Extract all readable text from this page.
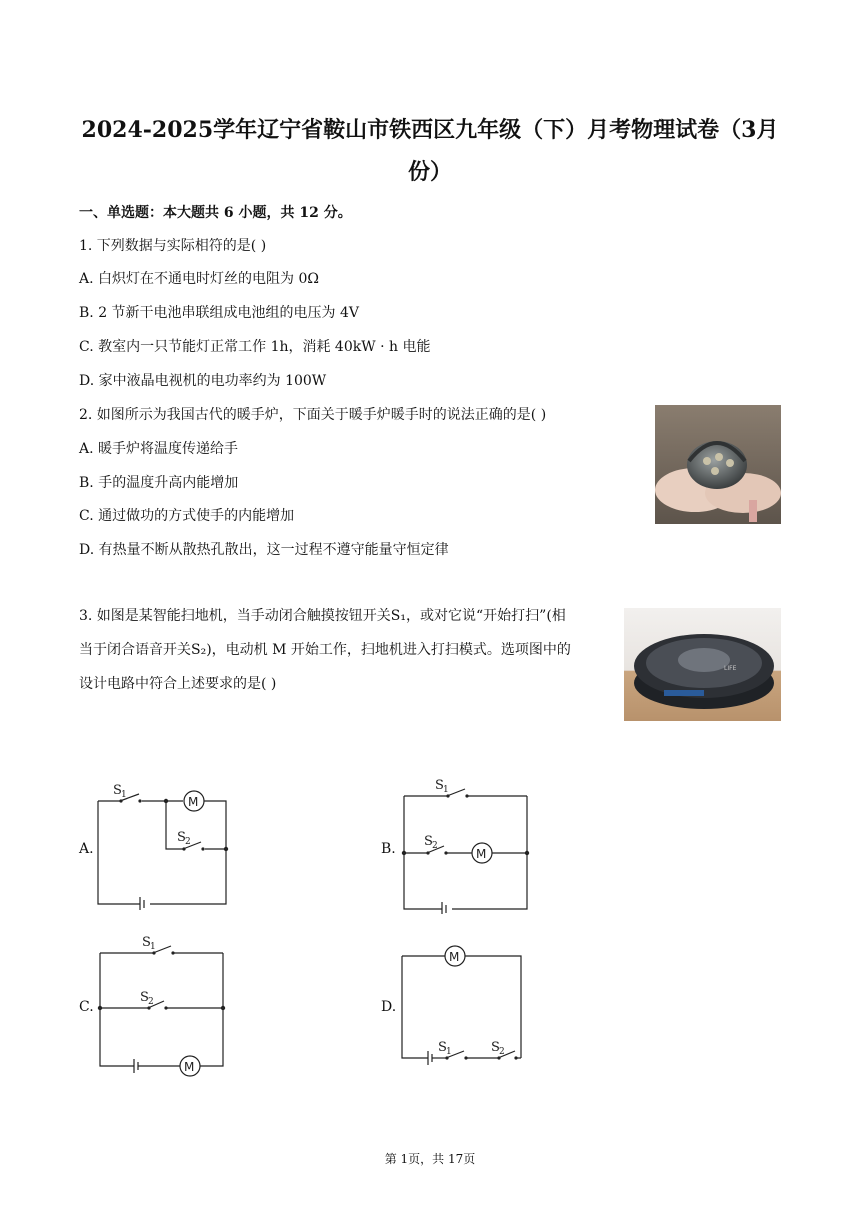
2024-2025学年辽宁省鞍山市铁西区九年级（下）月考物理试卷（3月
份）
一、单选题：本大题共 6 小题，共 12 分。
1. 下列数据与实际相符的是( )
A. 白炽灯在不通电时灯丝的电阻为 0Ω
B. 2 节新干电池串联组成电池组的电压为 4V
C. 教室内一只节能灯正常工作 1h，消耗 40kW · h 电能
D. 家中液晶电视机的电功率约为 100W
2. 如图所示为我国古代的暖手炉，下面关于暖手炉暖手时的说法正确的是( )
A. 暖手炉将温度传递给手
B. 手的温度升高内能增加
C. 通过做功的方式使手的内能增加
D. 有热量不断从散热孔散出，这一过程不遵守能量守恒定律
3. 如图是某智能扫地机，当手动闭合触摸按钮开关S₁，或对它说“开始打扫”(相
当于闭合语音开关S₂)，电动机 M 开始工作，扫地机进入打扫模式。选项图中的
设计电路中符合上述要求的是( )
LIFE
A.
S 1
S 2
M
B.
S 1
S 2
M
C.
S 1
S 2
M
D.
S 1	S 2
M
第 1页，共 17页
